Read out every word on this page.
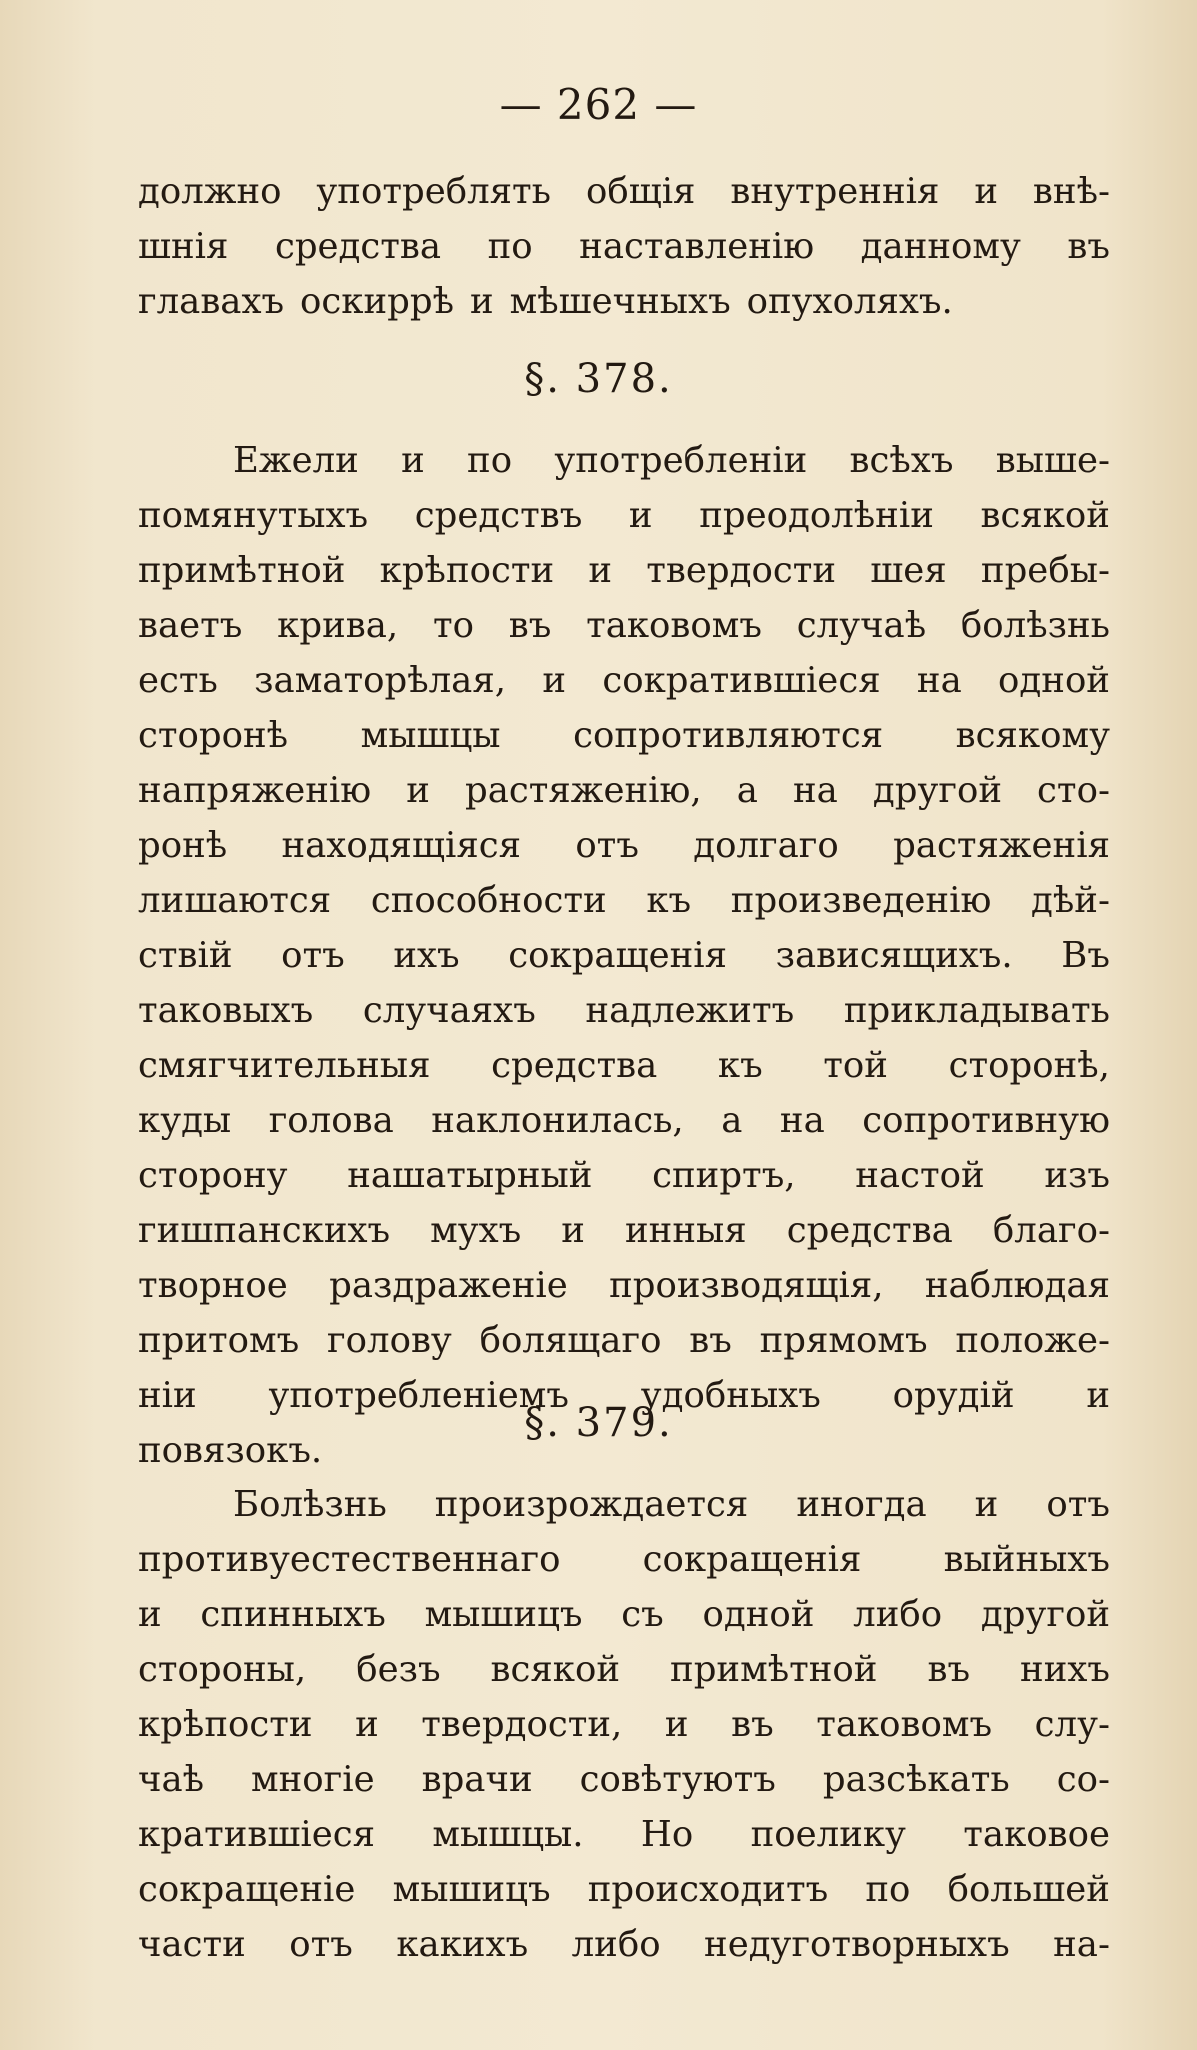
— 262 —
должно употреблять общія внутреннія и внѣ-
шнія средства по наставленію данному въ
главахъ оскиррѣ и мѣшечныхъ опухоляхъ.
§. 378.
Ежели и по употребленіи всѣхъ выше-
помянутыхъ средствъ и преодолѣніи всякой
примѣтной крѣпости и твердости шея пребы-
ваетъ крива, то въ таковомъ случаѣ болѣзнь
есть заматорѣлая, и сократившіеся на одной
сторонѣ мышцы сопротивляются всякому
напряженію и растяженію, а на другой сто-
ронѣ находящіяся отъ долгаго растяженія
лишаются способности къ произведенію дѣй-
ствій отъ ихъ сокращенія зависящихъ. Въ
таковыхъ случаяхъ надлежитъ прикладывать
смягчительныя средства къ той сторонѣ,
куды голова наклонилась, а на сопротивную
сторону нашатырный спиртъ, настой изъ
гишпанскихъ мухъ и инныя средства благо-
творное раздраженіе производящія, наблюдая
притомъ голову болящаго въ прямомъ положе-
ніи употребленіемъ удобныхъ орудій и
повязокъ.
§. 379.
Болѣзнь произрождается иногда и отъ
противуестественнаго сокращенія выйныхъ
и спинныхъ мышицъ съ одной либо другой
стороны, безъ всякой примѣтной въ нихъ
крѣпости и твердости, и въ таковомъ слу-
чаѣ многіе врачи совѣтуютъ разсѣкать со-
кратившіеся мышцы. Но поелику таковое
сокращеніе мышицъ происходитъ по большей
части отъ какихъ либо недуготворныхъ на-
